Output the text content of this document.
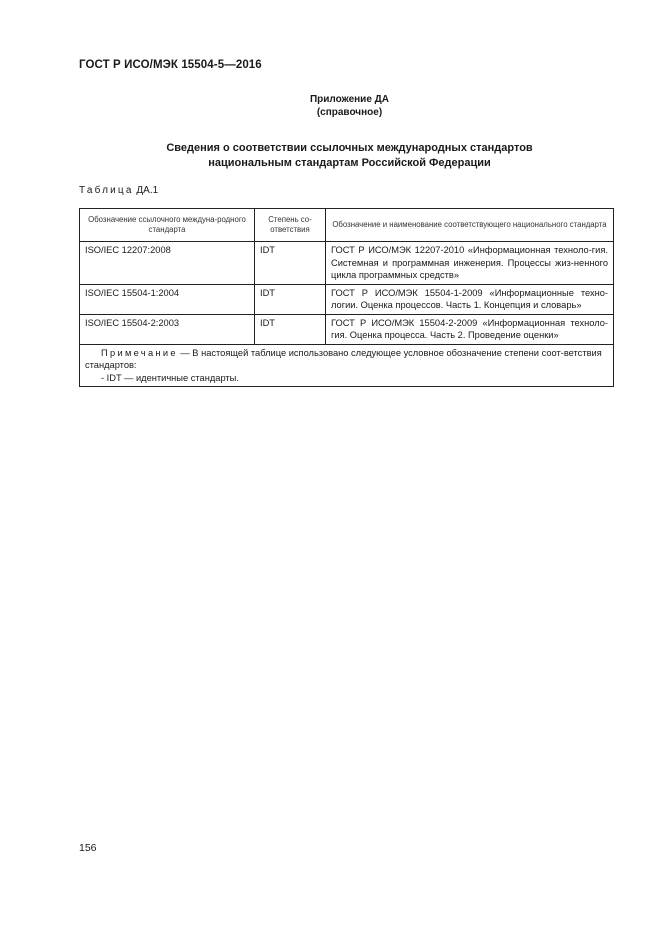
ГОСТ Р ИСО/МЭК 15504-5—2016
Приложение ДА
(справочное)
Сведения о соответствии ссылочных международных стандартов
национальным стандартам Российской Федерации
Таблица ДА.1
Обозначение ссылочного междуна-родного стандарта	Степень со-ответствия	Обозначение и наименование соответствующего национального стандарта
ISO/IEC 12207:2008	IDT	ГОСТ Р ИСО/МЭК 12207-2010 «Информационная техноло-гия. Системная и программная инженерия. Процессы жиз-ненного цикла программных средств»
ISO/IEC 15504-1:2004	IDT	ГОСТ Р ИСО/МЭК 15504-1-2009 «Информационные техно-логии. Оценка процессов. Часть 1. Концепция и словарь»
ISO/IEC 15504-2:2003	IDT	ГОСТ Р ИСО/МЭК 15504-2-2009 «Информационная техноло-гия. Оценка процесса. Часть 2. Проведение оценки»

Примечание — В настоящей таблице использовано следующее условное обозначение степени соот-ветствия стандартов:
- IDT — идентичные стандарты.		
156
